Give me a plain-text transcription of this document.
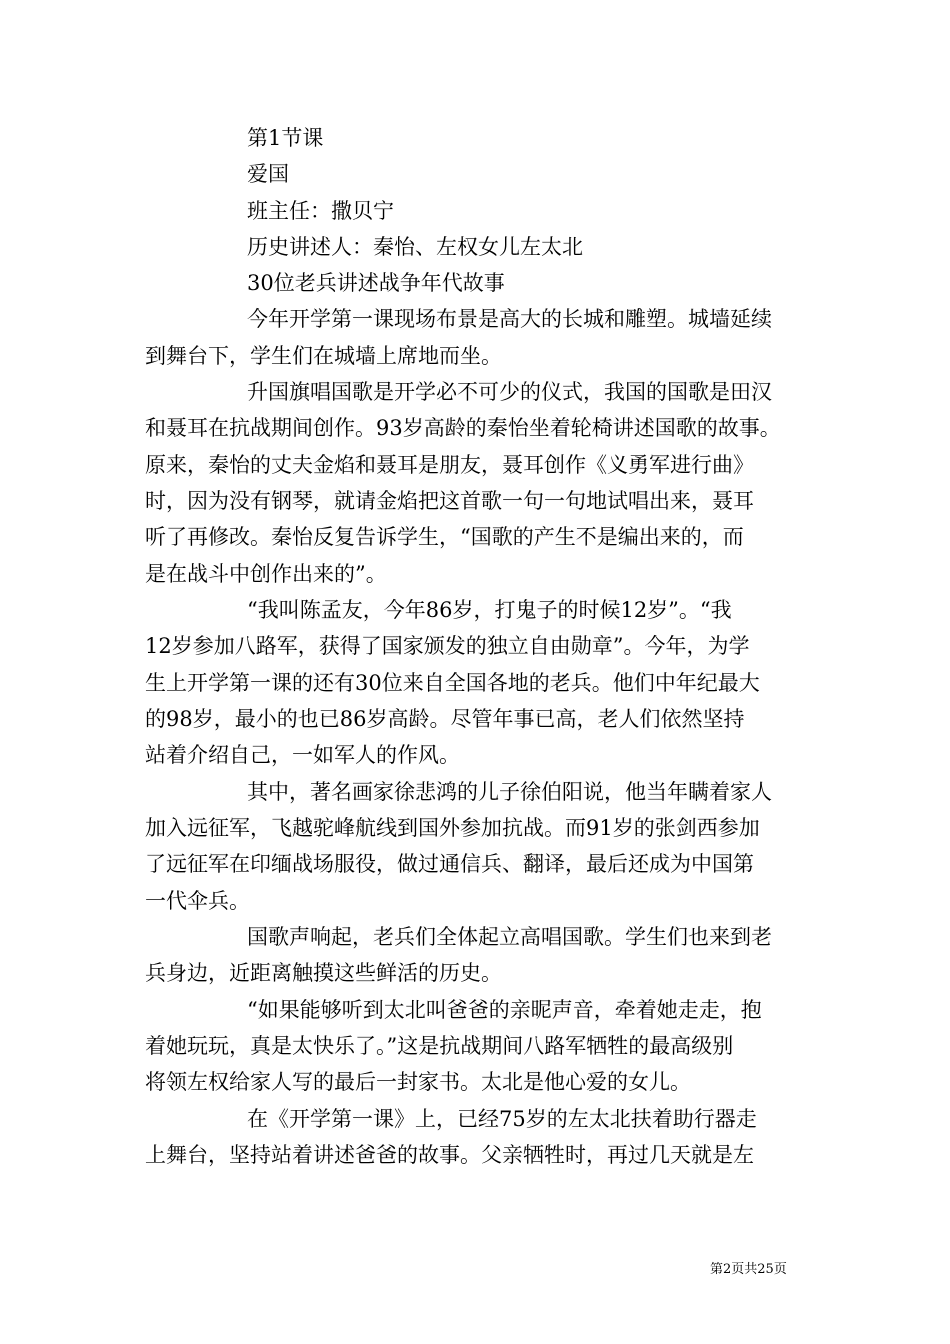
第1节课
爱国
班主任：撒贝宁
历史讲述人：秦怡、左权女儿左太北
30位老兵讲述战争年代故事
今年开学第一课现场布景是高大的长城和雕塑。城墙延续
到舞台下，学生们在城墙上席地而坐。
升国旗唱国歌是开学必不可少的仪式，我国的国歌是田汉
和聂耳在抗战期间创作。93岁高龄的秦怡坐着轮椅讲述国歌的故事。
原来，秦怡的丈夫金焰和聂耳是朋友，聂耳创作《义勇军进行曲》
时，因为没有钢琴，就请金焰把这首歌一句一句地试唱出来，聂耳
听了再修改。秦怡反复告诉学生，“国歌的产生不是编出来的，而
是在战斗中创作出来的”。
“我叫陈孟友，今年86岁，打鬼子的时候12岁”。“我
12岁参加八路军，获得了国家颁发的独立自由勋章”。今年，为学
生上开学第一课的还有30位来自全国各地的老兵。他们中年纪最大
的98岁，最小的也已86岁高龄。尽管年事已高，老人们依然坚持
站着介绍自己，一如军人的作风。
其中，著名画家徐悲鸿的儿子徐伯阳说，他当年瞒着家人
加入远征军，飞越驼峰航线到国外参加抗战。而91岁的张剑西参加
了远征军在印缅战场服役，做过通信兵、翻译，最后还成为中国第
一代伞兵。
国歌声响起，老兵们全体起立高唱国歌。学生们也来到老
兵身边，近距离触摸这些鲜活的历史。
“如果能够听到太北叫爸爸的亲昵声音，牵着她走走，抱
着她玩玩，真是太快乐了。”这是抗战期间八路军牺牲的最高级别
将领左权给家人写的最后一封家书。太北是他心爱的女儿。
在《开学第一课》上，已经75岁的左太北扶着助行器走
上舞台，坚持站着讲述爸爸的故事。父亲牺牲时，再过几天就是左
第2页共25页
